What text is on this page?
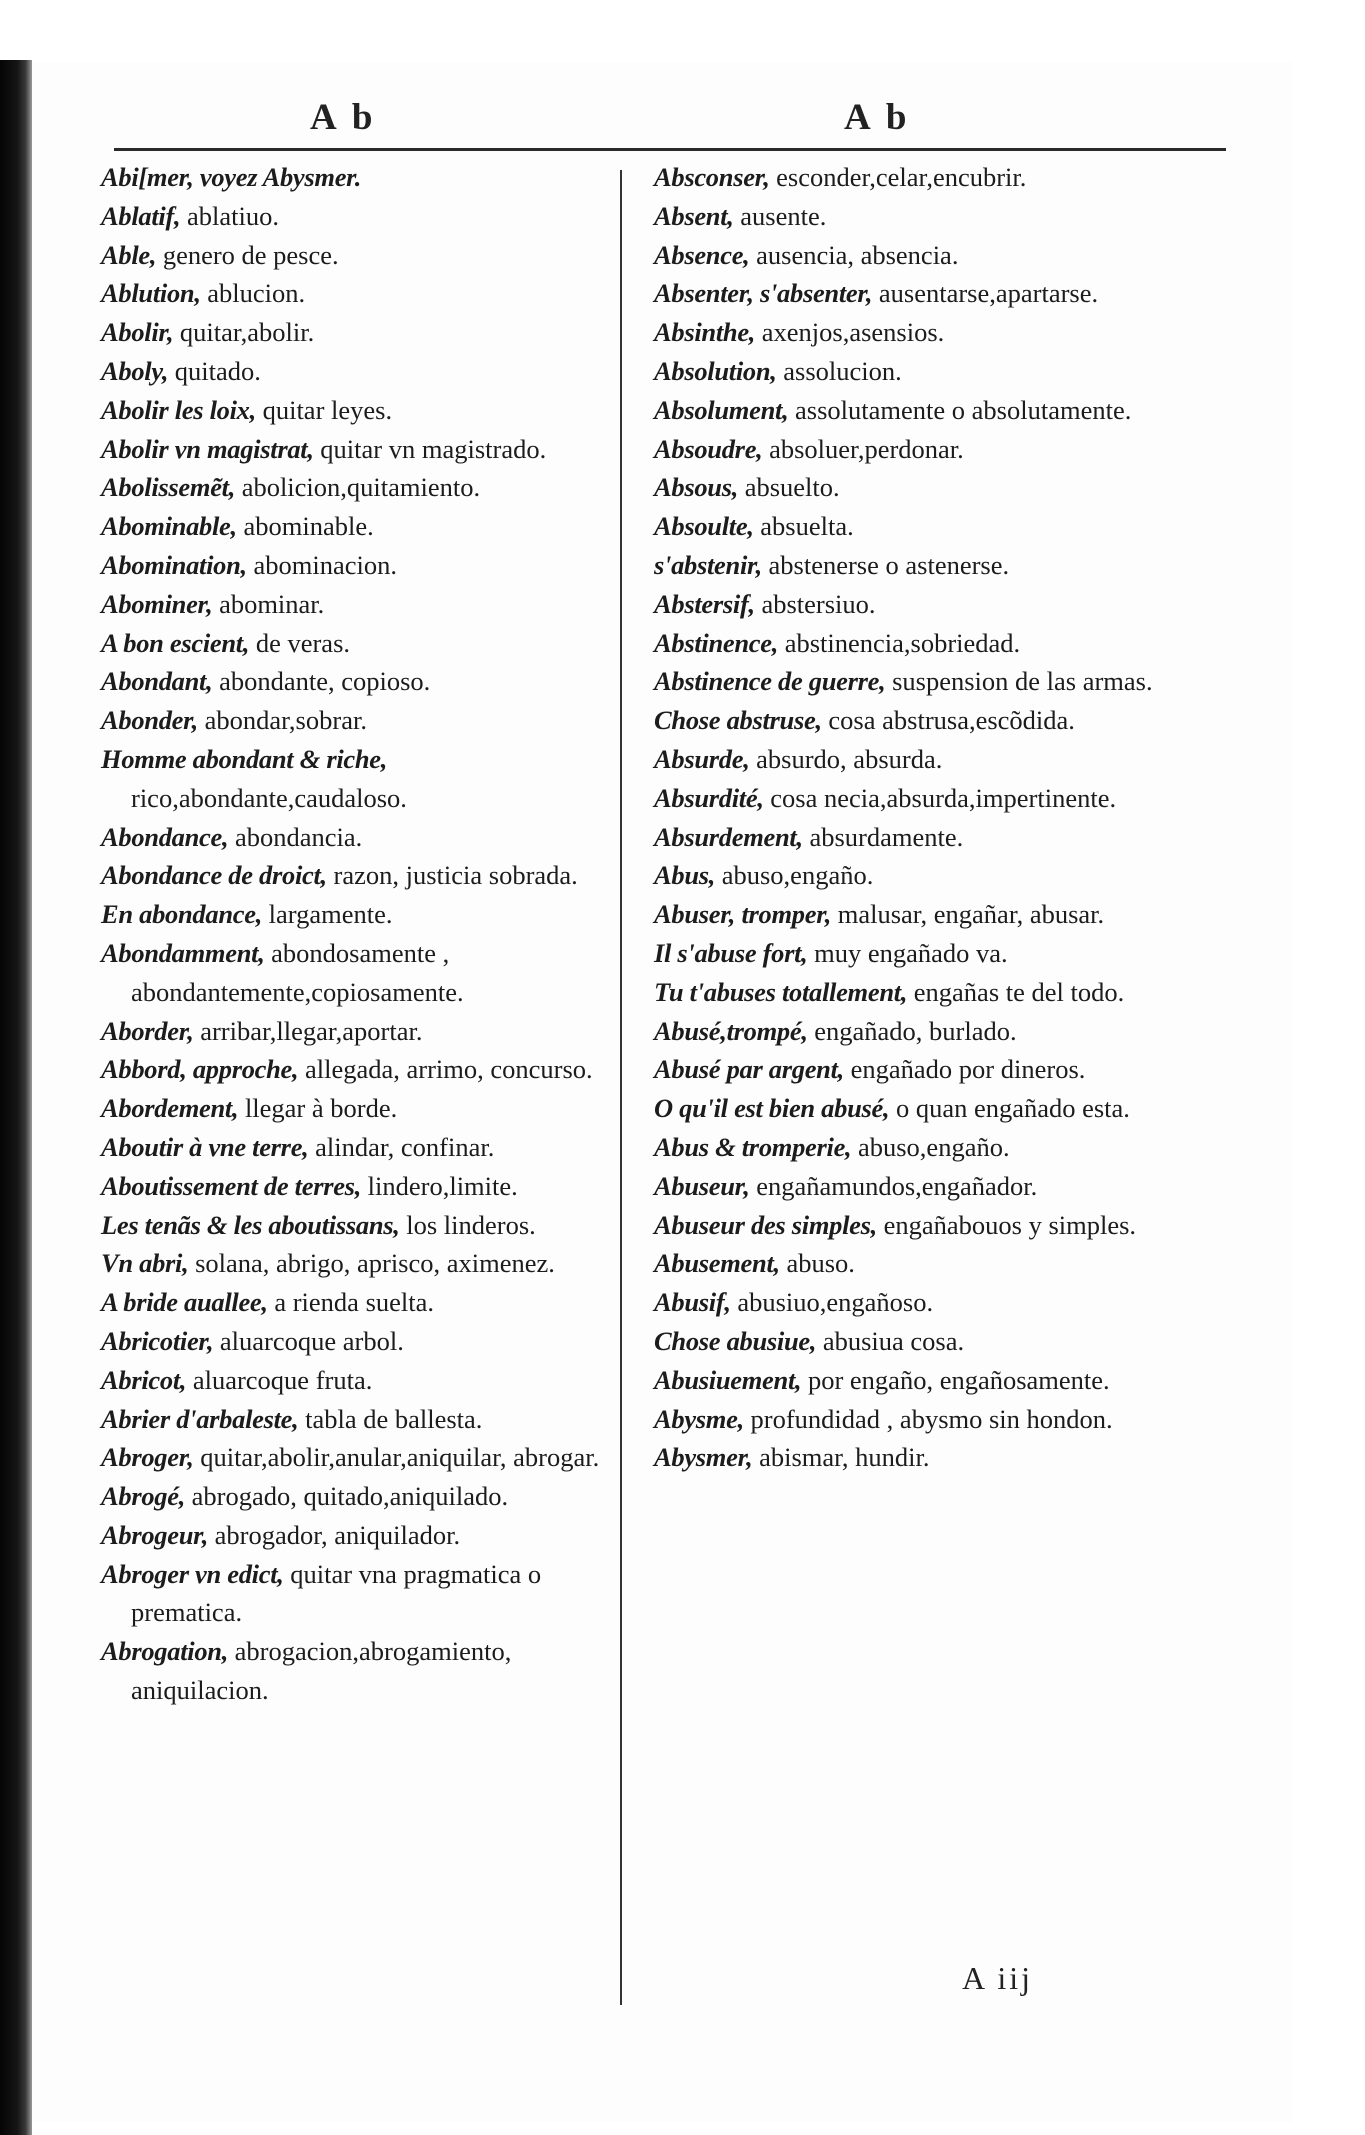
A b	A b
Abi[mer, voyez Abysmer.
Ablatif, ablatiuo.
Able, genero de pesce.
Ablution, ablucion.
Abolir, quitar,abolir.
Aboly, quitado.
Abolir les loix, quitar leyes.
Abolir vn magistrat, quitar vn magistrado.
Abolissemẽt, abolicion,quitamiento.
Abominable, abominable.
Abomination, abominacion.
Abominer, abominar.
A bon escient, de veras.
Abondant, abondante, copioso.
Abonder, abondar,sobrar.
Homme abondant & riche, rico,abondante,caudaloso.
Abondance, abondancia.
Abondance de droict, razon, justicia sobrada.
En abondance, largamente.
Abondamment, abondosamente , abondantemente,copiosamente.
Aborder, arribar,llegar,aportar.
Abbord, approche, allegada, arrimo, concurso.
Abordement, llegar à borde.
Aboutir à vne terre, alindar, confinar.
Aboutissement de terres, lindero,limite.
Les tenãs & les aboutissans, los linderos.
Vn abri, solana, abrigo, aprisco, aximenez.
A bride auallee, a rienda suelta.
Abricotier, aluarcoque arbol.
Abricot, aluarcoque fruta.
Abrier d'arbaleste, tabla de ballesta.
Abroger, quitar,abolir,anular,aniquilar, abrogar.
Abrogé, abrogado, quitado,aniquilado.
Abrogeur, abrogador, aniquilador.
Abroger vn edict, quitar vna pragmatica o prematica.
Abrogation, abrogacion,abrogamiento, aniquilacion.
Absconser, esconder,celar,encubrir.
Absent, ausente.
Absence, ausencia, absencia.
Absenter, s'absenter, ausentarse,apartarse.
Absinthe, axenjos,asensios.
Absolution, assolucion.
Absolument, assolutamente o absolutamente.
Absoudre, absoluer,perdonar.
Absous, absuelto.
Absoulte, absuelta.
s'abstenir, abstenerse o astenerse.
Abstersif, abstersiuo.
Abstinence, abstinencia,sobriedad.
Abstinence de guerre, suspension de las armas.
Chose abstruse, cosa abstrusa,escõdida.
Absurde, absurdo, absurda.
Absurdité, cosa necia,absurda,impertinente.
Absurdement, absurdamente.
Abus, abuso,engaño.
Abuser, tromper, malusar, engañar, abusar.
Il s'abuse fort, muy engañado va.
Tu t'abuses totallement, engañas te del todo.
Abusé,trompé, engañado, burlado.
Abusé par argent, engañado por dineros.
O qu'il est bien abusé, o quan engañado esta.
Abus & tromperie, abuso,engaño.
Abuseur, engañamundos,engañador.
Abuseur des simples, engañabouos y simples.
Abusement, abuso.
Abusif, abusiuo,engañoso.
Chose abusiue, abusiua cosa.
Abusiuement, por engaño, engañosamente.
Abysme, profundidad , abysmo sin hondon.
Abysmer, abismar, hundir.
A iij
